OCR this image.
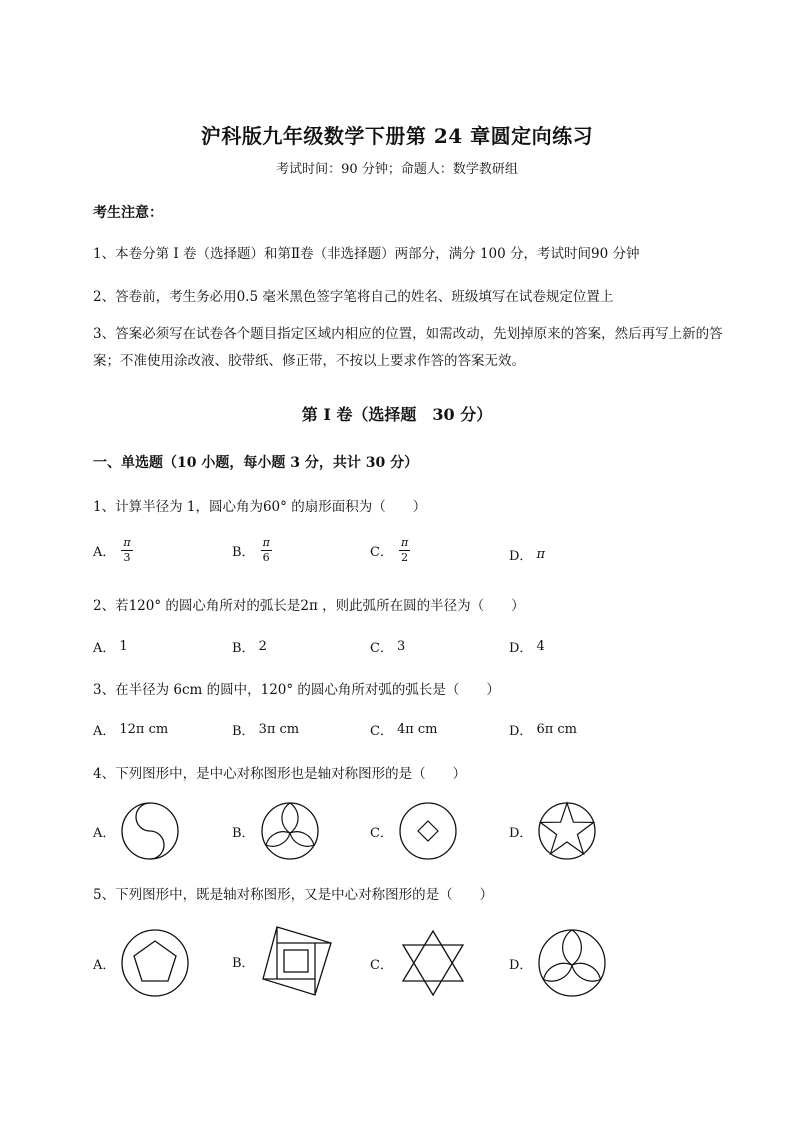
沪科版九年级数学下册第 24 章圆定向练习
考试时间：90 分钟；命题人：数学教研组
考生注意：
1、本卷分第 I 卷（选择题）和第Ⅱ卷（非选择题）两部分，满分 100 分，考试时间90 分钟
2、答卷前，考生务必用0.5 毫米黑色签字笔将自己的姓名、班级填写在试卷规定位置上
3、答案必须写在试卷各个题目指定区域内相应的位置，如需改动，先划掉原来的答案，然后再写上新的答案；不准使用涂改液、胶带纸、修正带，不按以上要求作答的答案无效。
第 I 卷（选择题　30 分）
一、单选题（10 小题，每小题 3 分，共计 30 分）
1、计算半径为 1，圆心角为60° 的扇形面积为（　　）
A． $\frac{\pi}{3}$	B． $\frac{\pi}{6}$	C． $\frac{\pi}{2}$	D． π
2、若120° 的圆心角所对的弧长是2π ，则此弧所在圆的半径为（　　）
A． 1	B． 2	C． 3	D． 4
3、在半径为 6cm 的圆中，120° 的圆心角所对弧的弧长是（　　）
A． 12π cm	B． 3π cm	C． 4π cm	D． 6π cm
4、下列图形中，是中心对称图形也是轴对称图形的是（　　）
A．	B．	C．	D．
5、下列图形中，既是轴对称图形，又是中心对称图形的是（　　）
A．	B．	C．	D．
